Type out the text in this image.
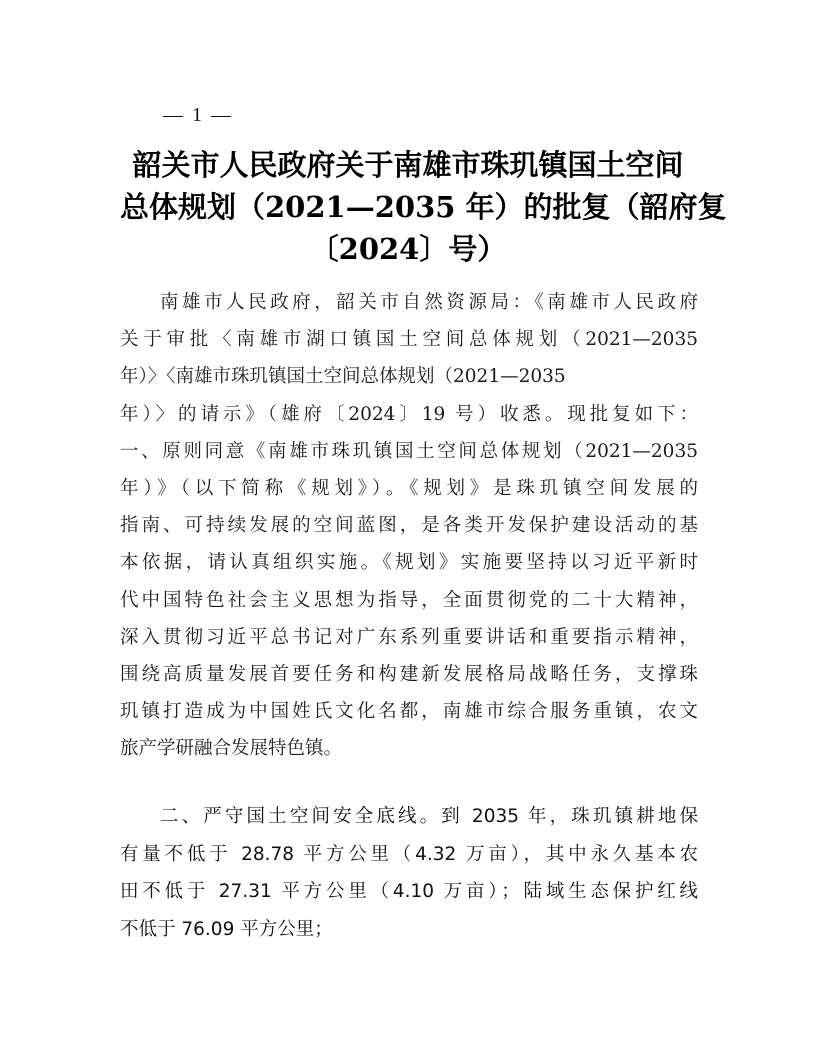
— 1 —
韶关市人民政府关于南雄市珠玑镇国土空间
总体规划（2021—2035 年）的批复（韶府复
〔2024〕号）
南雄市人民政府，韶关市自然资源局：《南雄市人民政府
关于审批〈南雄市湖口镇国土空间总体规划（2021—2035
年）〉〈南雄市珠玑镇国土空间总体规划（2021—2035
年）〉的请示》（雄府〔2024〕19 号）收悉。现批复如下：
一、原则同意《南雄市珠玑镇国土空间总体规划（2021—2035
年）》（以下简称《规划》）。《规划》是珠玑镇空间发展的
指南、可持续发展的空间蓝图，是各类开发保护建设活动的基
本依据，请认真组织实施。《规划》实施要坚持以习近平新时
代中国特色社会主义思想为指导，全面贯彻党的二十大精神，
深入贯彻习近平总书记对广东系列重要讲话和重要指示精神，
围绕高质量发展首要任务和构建新发展格局战略任务，支撑珠
玑镇打造成为中国姓氏文化名都，南雄市综合服务重镇，农文
旅产学研融合发展特色镇。
二、严守国土空间安全底线。到 2035 年，珠玑镇耕地保
有量不低于 28.78 平方公里（4.32 万亩），其中永久基本农
田不低于 27.31 平方公里（4.10 万亩）；陆域生态保护红线
不低于 76.09 平方公里；
